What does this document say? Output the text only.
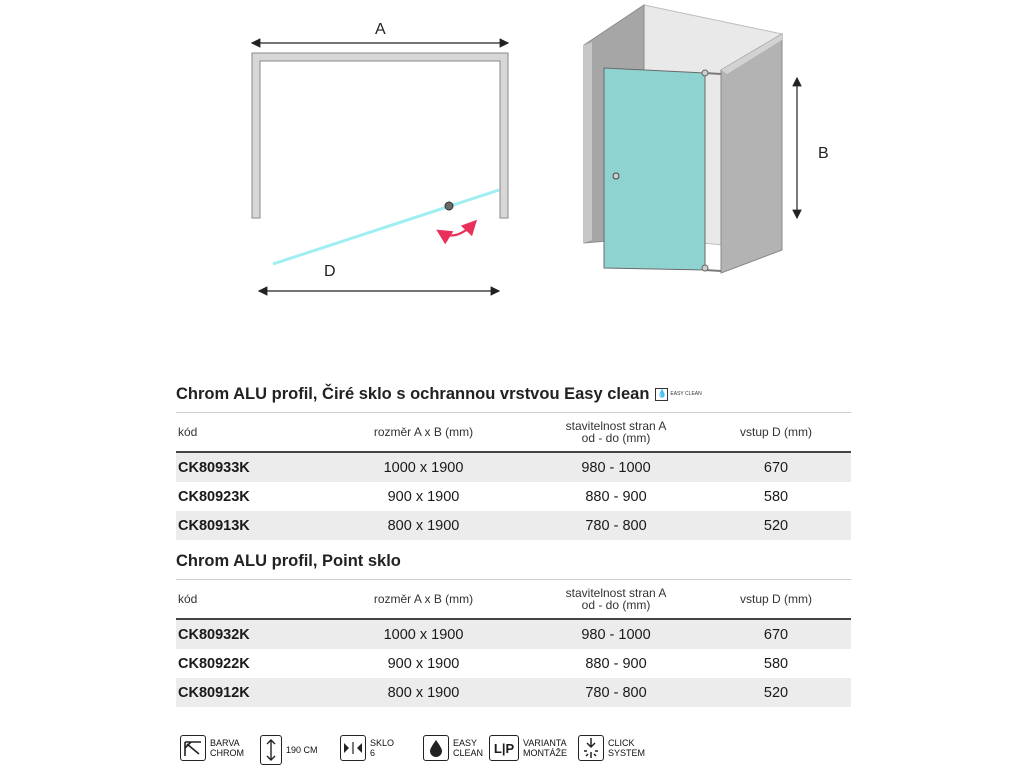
A
D
B
Chrom ALU profil, Čiré sklo s ochrannou vrstvou Easy clean 💧 EASY CLEAN
kód	rozměr A x B (mm)	stavitelnost stran A
od - do (mm)	vstup D (mm)
CK80933K	1000 x 1900	980 - 1000	670
CK80923K	900 x 1900	880 - 900	580
CK80913K	800 x 1900	780 - 800	520
Chrom ALU profil, Point sklo
kód	rozměr A x B (mm)	stavitelnost stran A
od - do (mm)	vstup D (mm)
CK80932K	1000 x 1900	980 - 1000	670
CK80922K	900 x 1900	880 - 900	580
CK80912K	800 x 1900	780 - 800	520
BARVA
CHROM	190 CM
SKLO
6
EASY
CLEAN L|P VARIANTA
MONTÁŽE
CLICK
SYSTEM
